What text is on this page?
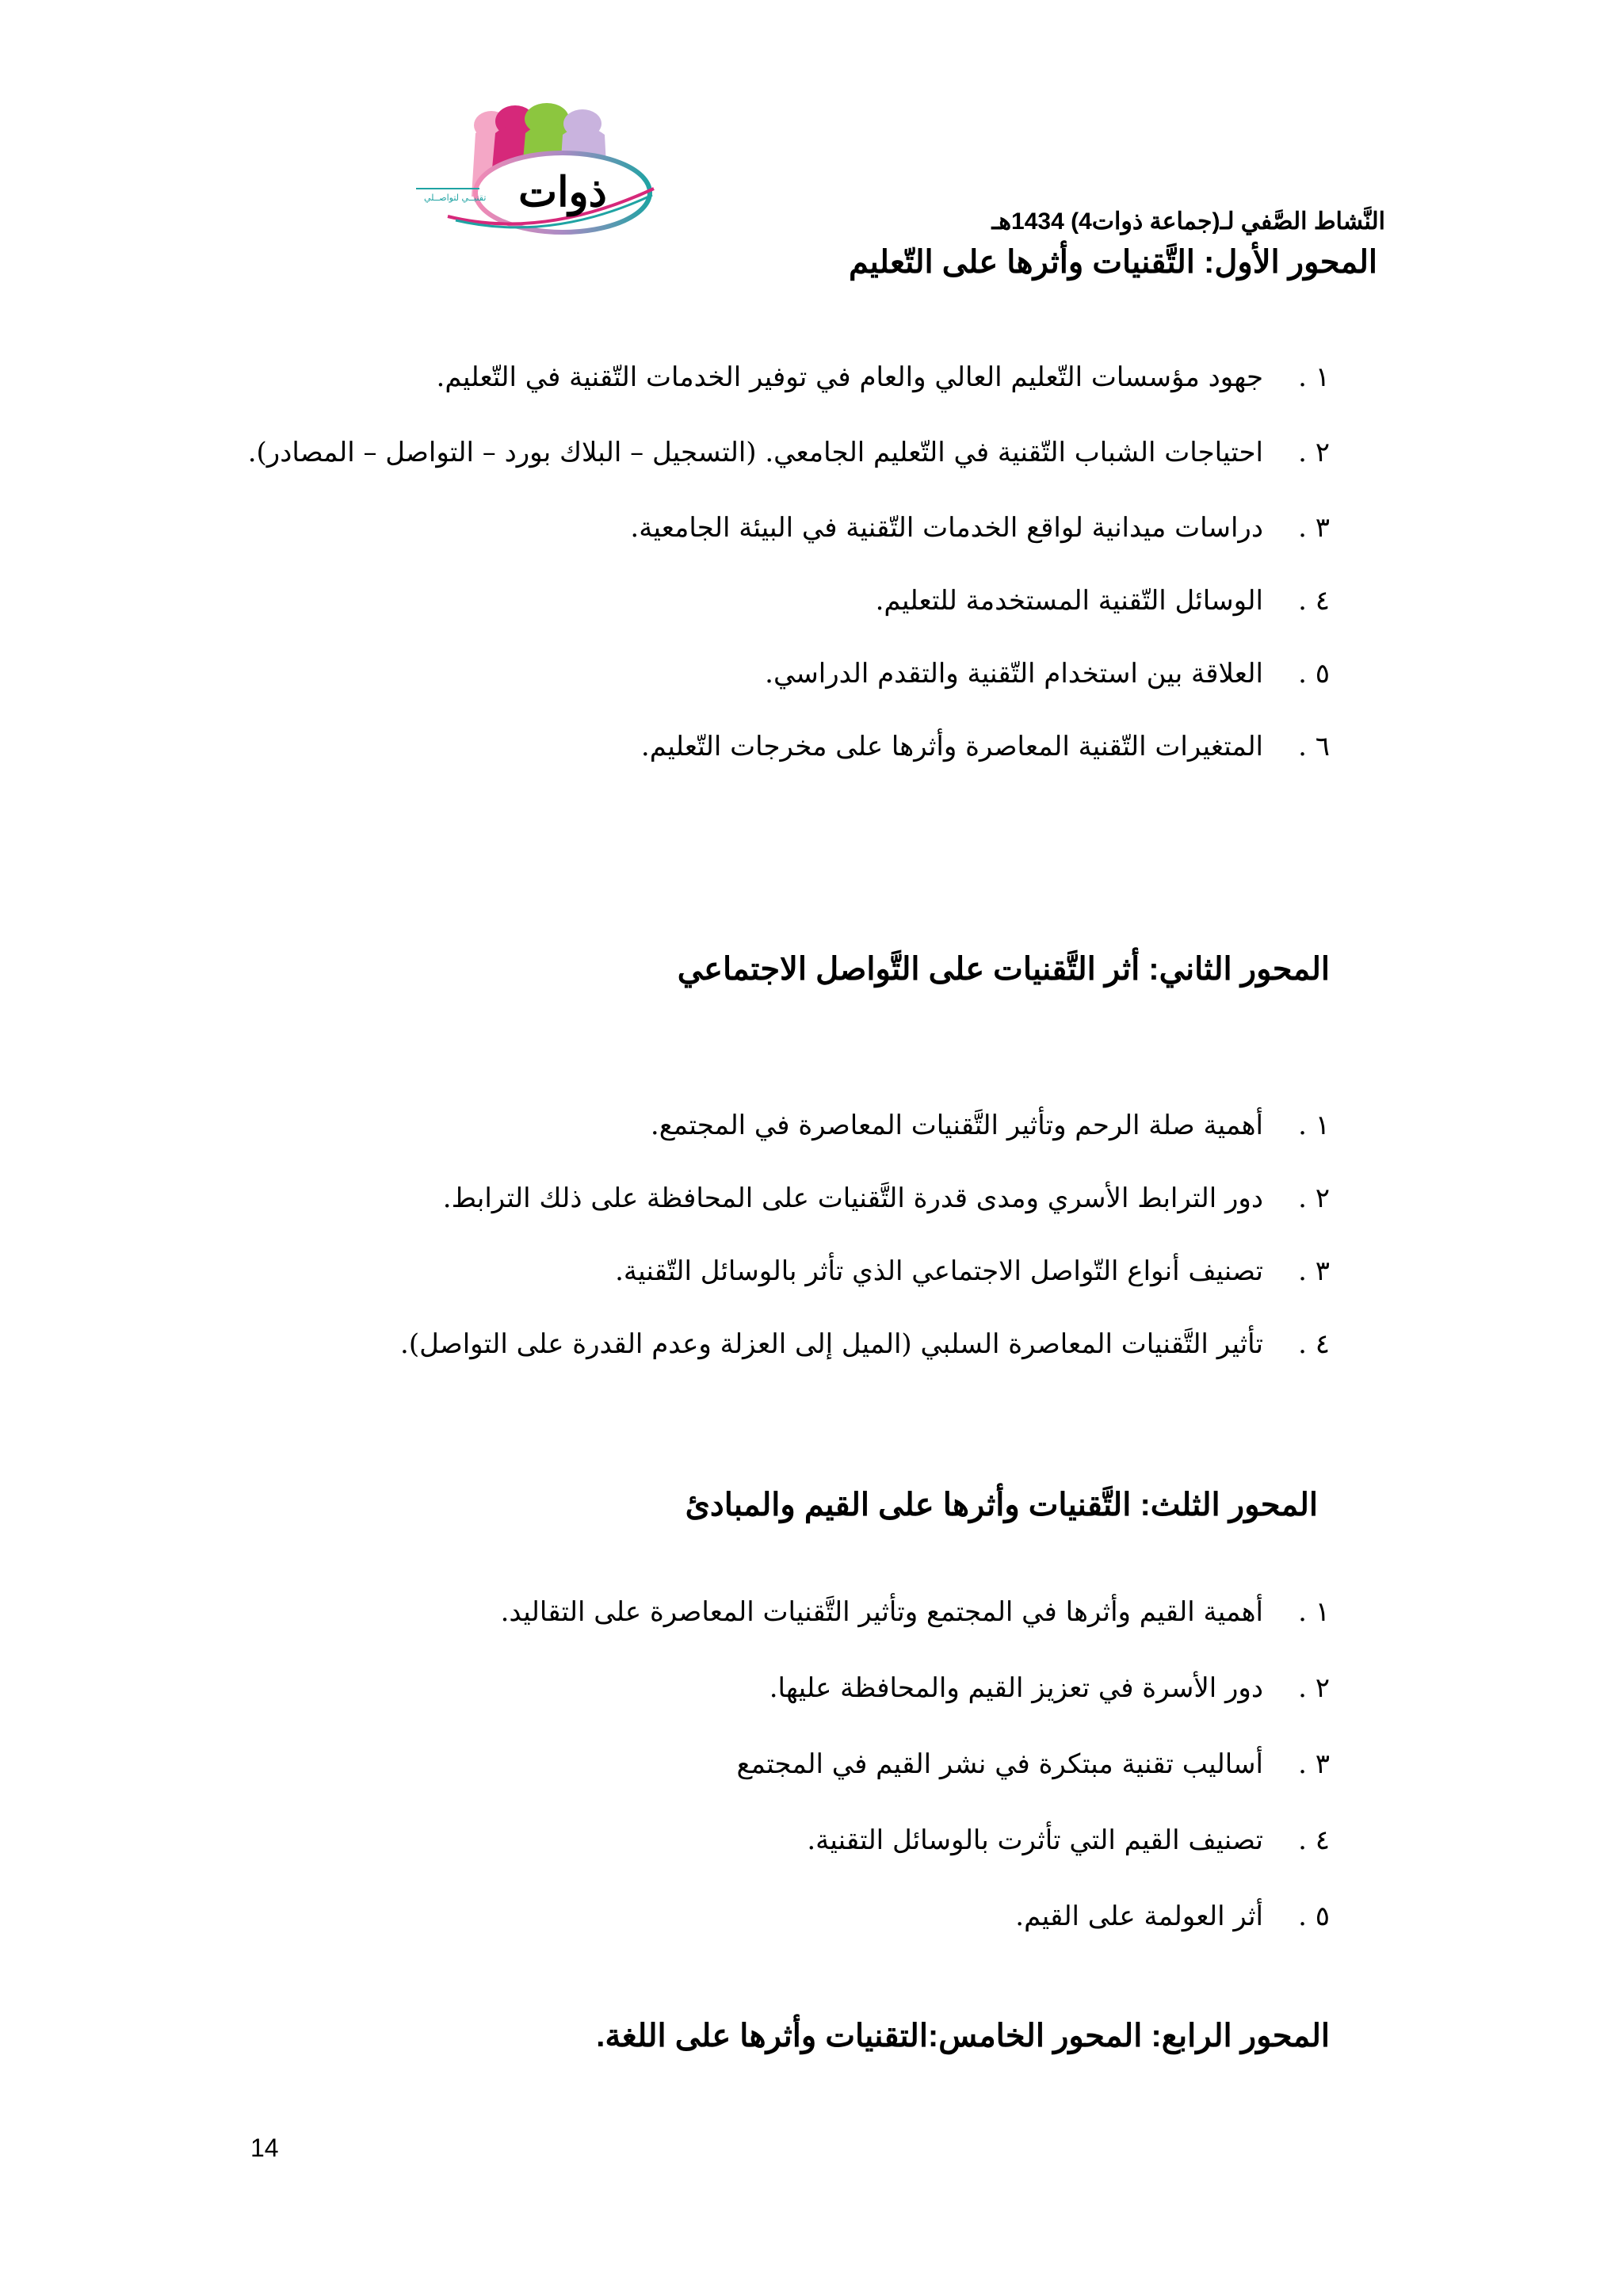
ذوات
تقنيــي لتواصــلي
النَّشاط الصَّفي لـ(جماعة ذوات4) 1434هـ
المحور الأول: التَّقنيات وأثرها على التّعليم
١ .
جهود مؤسسات التّعليم العالي والعام في توفير الخدمات التّقنية في التّعليم.
٢ .
احتياجات الشباب التّقنية في التّعليم الجامعي. (التسجيل – البلاك بورد – التواصل – المصادر).
٣ .
دراسات ميدانية لواقع الخدمات التّقنية في البيئة الجامعية.
٤ .
الوسائل التّقنية المستخدمة للتعليم.
٥ .
العلاقة بين استخدام التّقنية والتقدم الدراسي.
٦ .
المتغيرات التّقنية المعاصرة وأثرها على مخرجات التّعليم.
المحور الثاني: أثر التَّقنيات على التَّواصل الاجتماعي
١ .
أهمية صلة الرحم وتأثير التَّقنيات المعاصرة في المجتمع.
٢ .
دور الترابط الأسري ومدى قدرة التَّقنيات على المحافظة على ذلك الترابط.
٣ .
تصنيف أنواع التّواصل الاجتماعي الذي تأثر بالوسائل التّقنية.
٤ .
تأثير التَّقنيات المعاصرة السلبي (الميل إلى العزلة وعدم القدرة على التواصل).
المحور الثلث: التَّقنيات وأثرها على القيم والمبادئ
١ .
أهمية القيم وأثرها في المجتمع وتأثير التَّقنيات المعاصرة على التقاليد.
٢ .
دور الأسرة في تعزيز القيم والمحافظة عليها.
٣ .
أساليب تقنية مبتكرة في نشر القيم في المجتمع
٤ .
تصنيف القيم التي تأثرت بالوسائل التقنية.
٥ .
أثر العولمة على القيم.
المحور الرابع: المحور الخامس:التقنيات وأثرها على اللغة.
14
